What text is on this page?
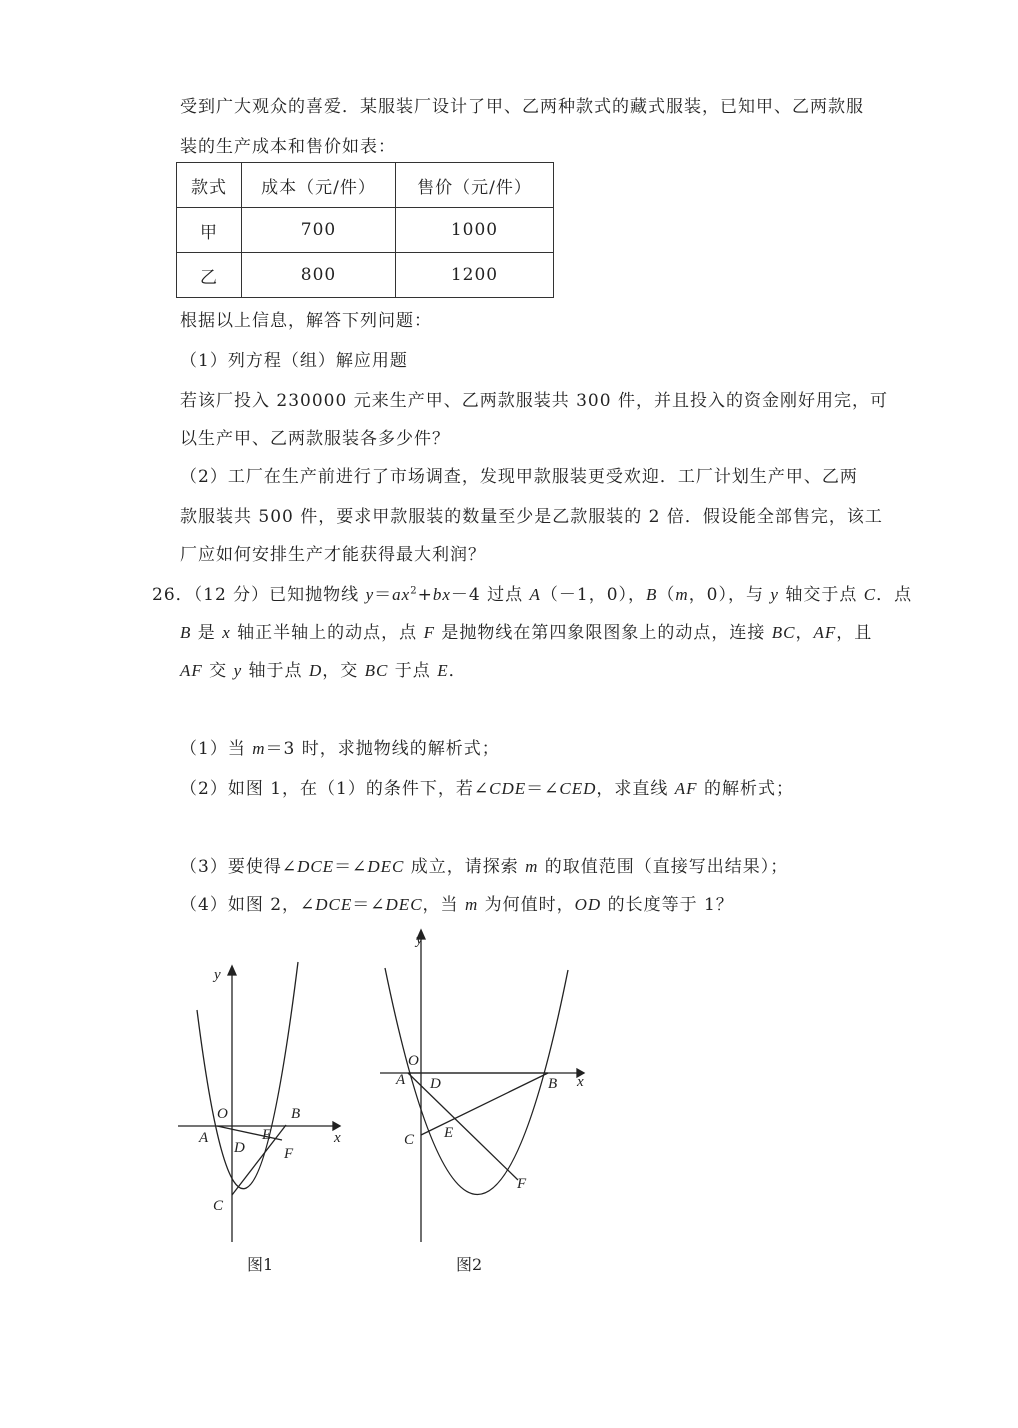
受到广大观众的喜爱．某服装厂设计了甲、乙两种款式的藏式服装，已知甲、乙两款服
装的生产成本和售价如表：
款式	成本（元/件）	售价（元/件）
甲	700	1000
乙	800	1200
根据以上信息，解答下列问题：
（1）列方程（组）解应用题
若该厂投入 230000 元来生产甲、乙两款服装共 300 件，并且投入的资金刚好用完，可
以生产甲、乙两款服装各多少件？
（2）工厂在生产前进行了市场调查，发现甲款服装更受欢迎．工厂计划生产甲、乙两
款服装共 500 件，要求甲款服装的数量至少是乙款服装的 2 倍．假设能全部售完，该工
厂应如何安排生产才能获得最大利润？
26．（12 分）已知抛物线 $y=ax^2+bx-4$ 过点 A（－1，0），B（m，0），与 y 轴交于点 C．点
B 是 x 轴正半轴上的动点，点 F 是抛物线在第四象限图象上的动点，连接 BC，AF，且
AF 交 y 轴于点 D，交 BC 于点 E．
（1）当 m＝3 时，求抛物线的解析式；
（2）如图 1，在（1）的条件下，若∠CDE＝∠CED，求直线 AF 的解析式；
（3）要使得∠DCE＝∠DEC 成立，请探索 m 的取值范围（直接写出结果）；
（4）如图 2，∠DCE＝∠DEC，当 m 为何值时，OD 的长度等于 1？
y
x
O
A
B
D
E
F
C
图1
y
x
O
A	B
D
E
F
C
图2
